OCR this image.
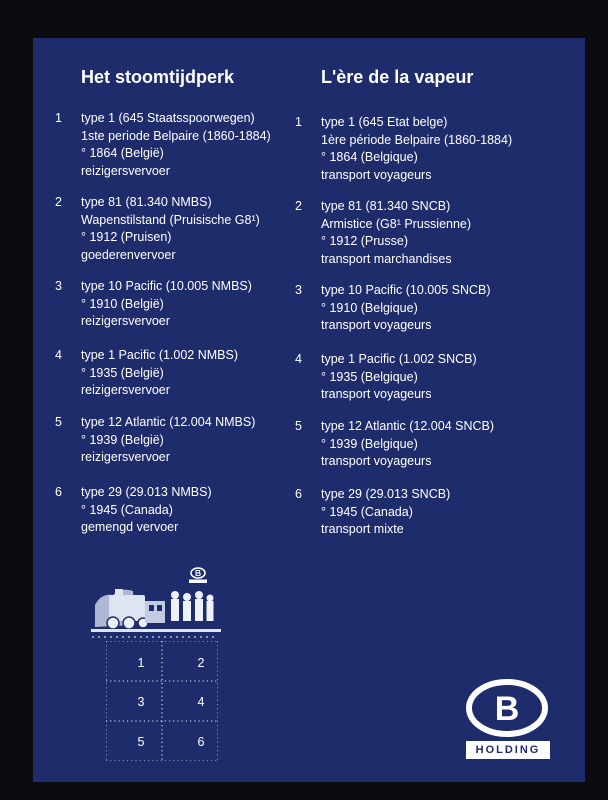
Het stoomtijdperk
1	type 1 (645 Staatsspoorwegen)
1ste periode Belpaire (1860-1884)
° 1864 (België)
reizigersvervoer
2	type 81 (81.340 NMBS)
Wapenstilstand (Pruisische G8¹)
° 1912 (Pruisen)
goederenvervoer
3	type 10 Pacific (10.005 NMBS)
° 1910 (België)
reizigersvervoer
4	type 1 Pacific (1.002 NMBS)
° 1935 (België)
reizigersvervoer
5	type 12 Atlantic (12.004 NMBS)
° 1939 (België)
reizigersvervoer
6	type 29 (29.013 NMBS)
° 1945 (Canada)
gemengd vervoer
L'ère de la vapeur
1	type 1 (645 Etat belge)
1ère période Belpaire (1860-1884)
° 1864 (Belgique)
transport voyageurs
2	type 81 (81.340 SNCB)
Armistice (G8¹ Prussienne)
° 1912 (Prusse)
transport marchandises
3	type 10 Pacific (10.005 SNCB)
° 1910 (Belgique)
transport voyageurs
4	type 1 Pacific (1.002 SNCB)
° 1935 (Belgique)
transport voyageurs
5	type 12 Atlantic (12.004 SNCB)
° 1939 (Belgique)
transport voyageurs
6	type 29 (29.013 SNCB)
° 1945 (Canada)
transport mixte
1	2
3	4
5	6
B
HOLDING
